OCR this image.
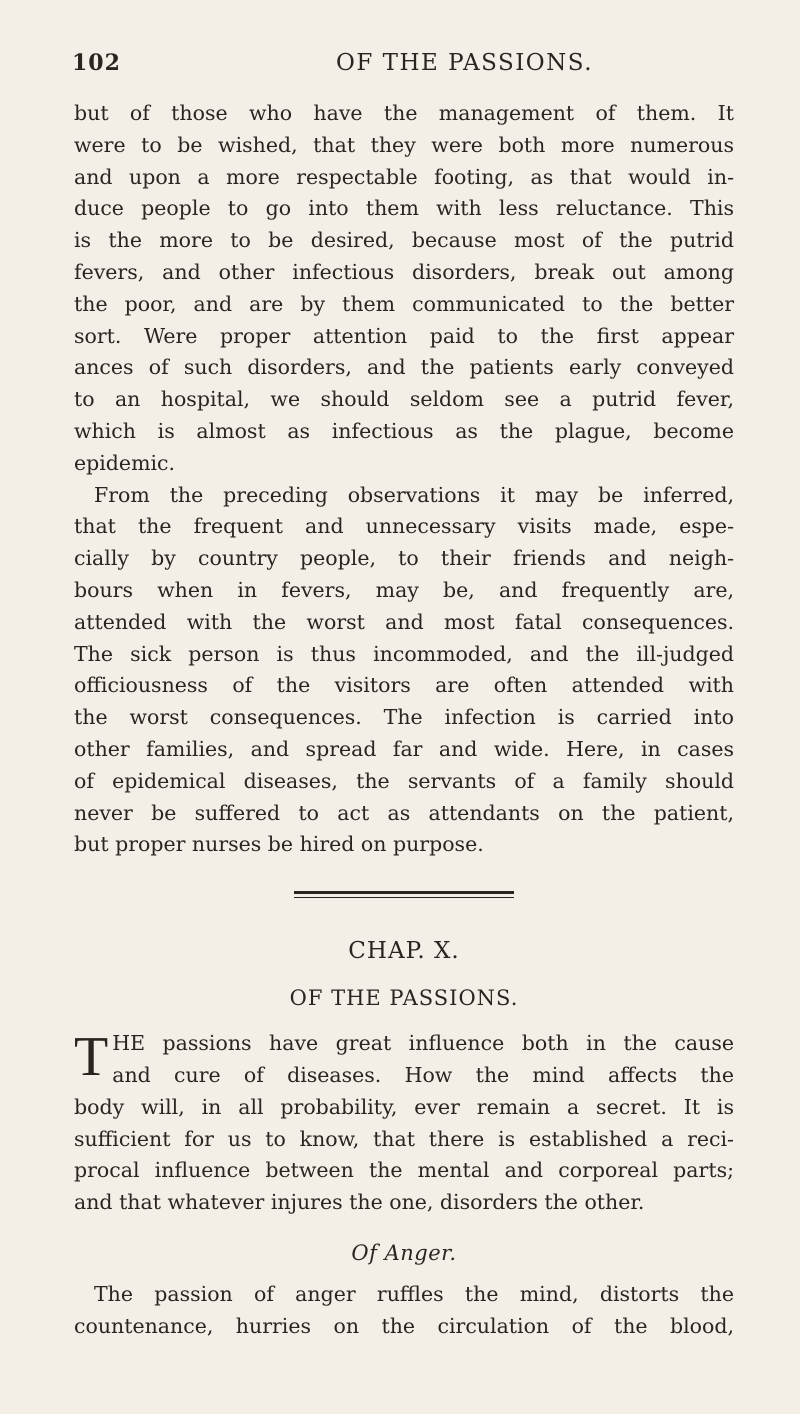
102	OF THE PASSIONS.
but of those who have the management of them. It
were to be wished, that they were both more numerous
and upon a more respectable footing, as that would in-
duce people to go into them with less reluctance. This
is the more to be desired, because most of the putrid
fevers, and other infectious disorders, break out among
the poor, and are by them communicated to the better
sort. Were proper attention paid to the first appear
ances of such disorders, and the patients early conveyed
to an hospital, we should seldom see a putrid fever,
which is almost as infectious as the plague, become
epidemic.
From the preceding observations it may be inferred,
that the frequent and unnecessary visits made, espe-
cially by country people, to their friends and neigh-
bours when in fevers, may be, and frequently are,
attended with the worst and most fatal consequences.
The sick person is thus incommoded, and the ill-judged
officiousness of the visitors are often attended with
the worst consequences. The infection is carried into
other families, and spread far and wide. Here, in cases
of epidemical diseases, the servants of a family should
never be suffered to act as attendants on the patient,
but proper nurses be hired on purpose.
CHAP. X.
OF THE PASSIONS.
T HE passions have great influence both in the cause
and cure of diseases. How the mind affects the
body will, in all probability, ever remain a secret. It is
sufficient for us to know, that there is established a reci-
procal influence between the mental and corporeal parts;
and that whatever injures the one, disorders the other.
Of Anger.
The passion of anger ruffles the mind, distorts the
countenance, hurries on the circulation of the blood,
